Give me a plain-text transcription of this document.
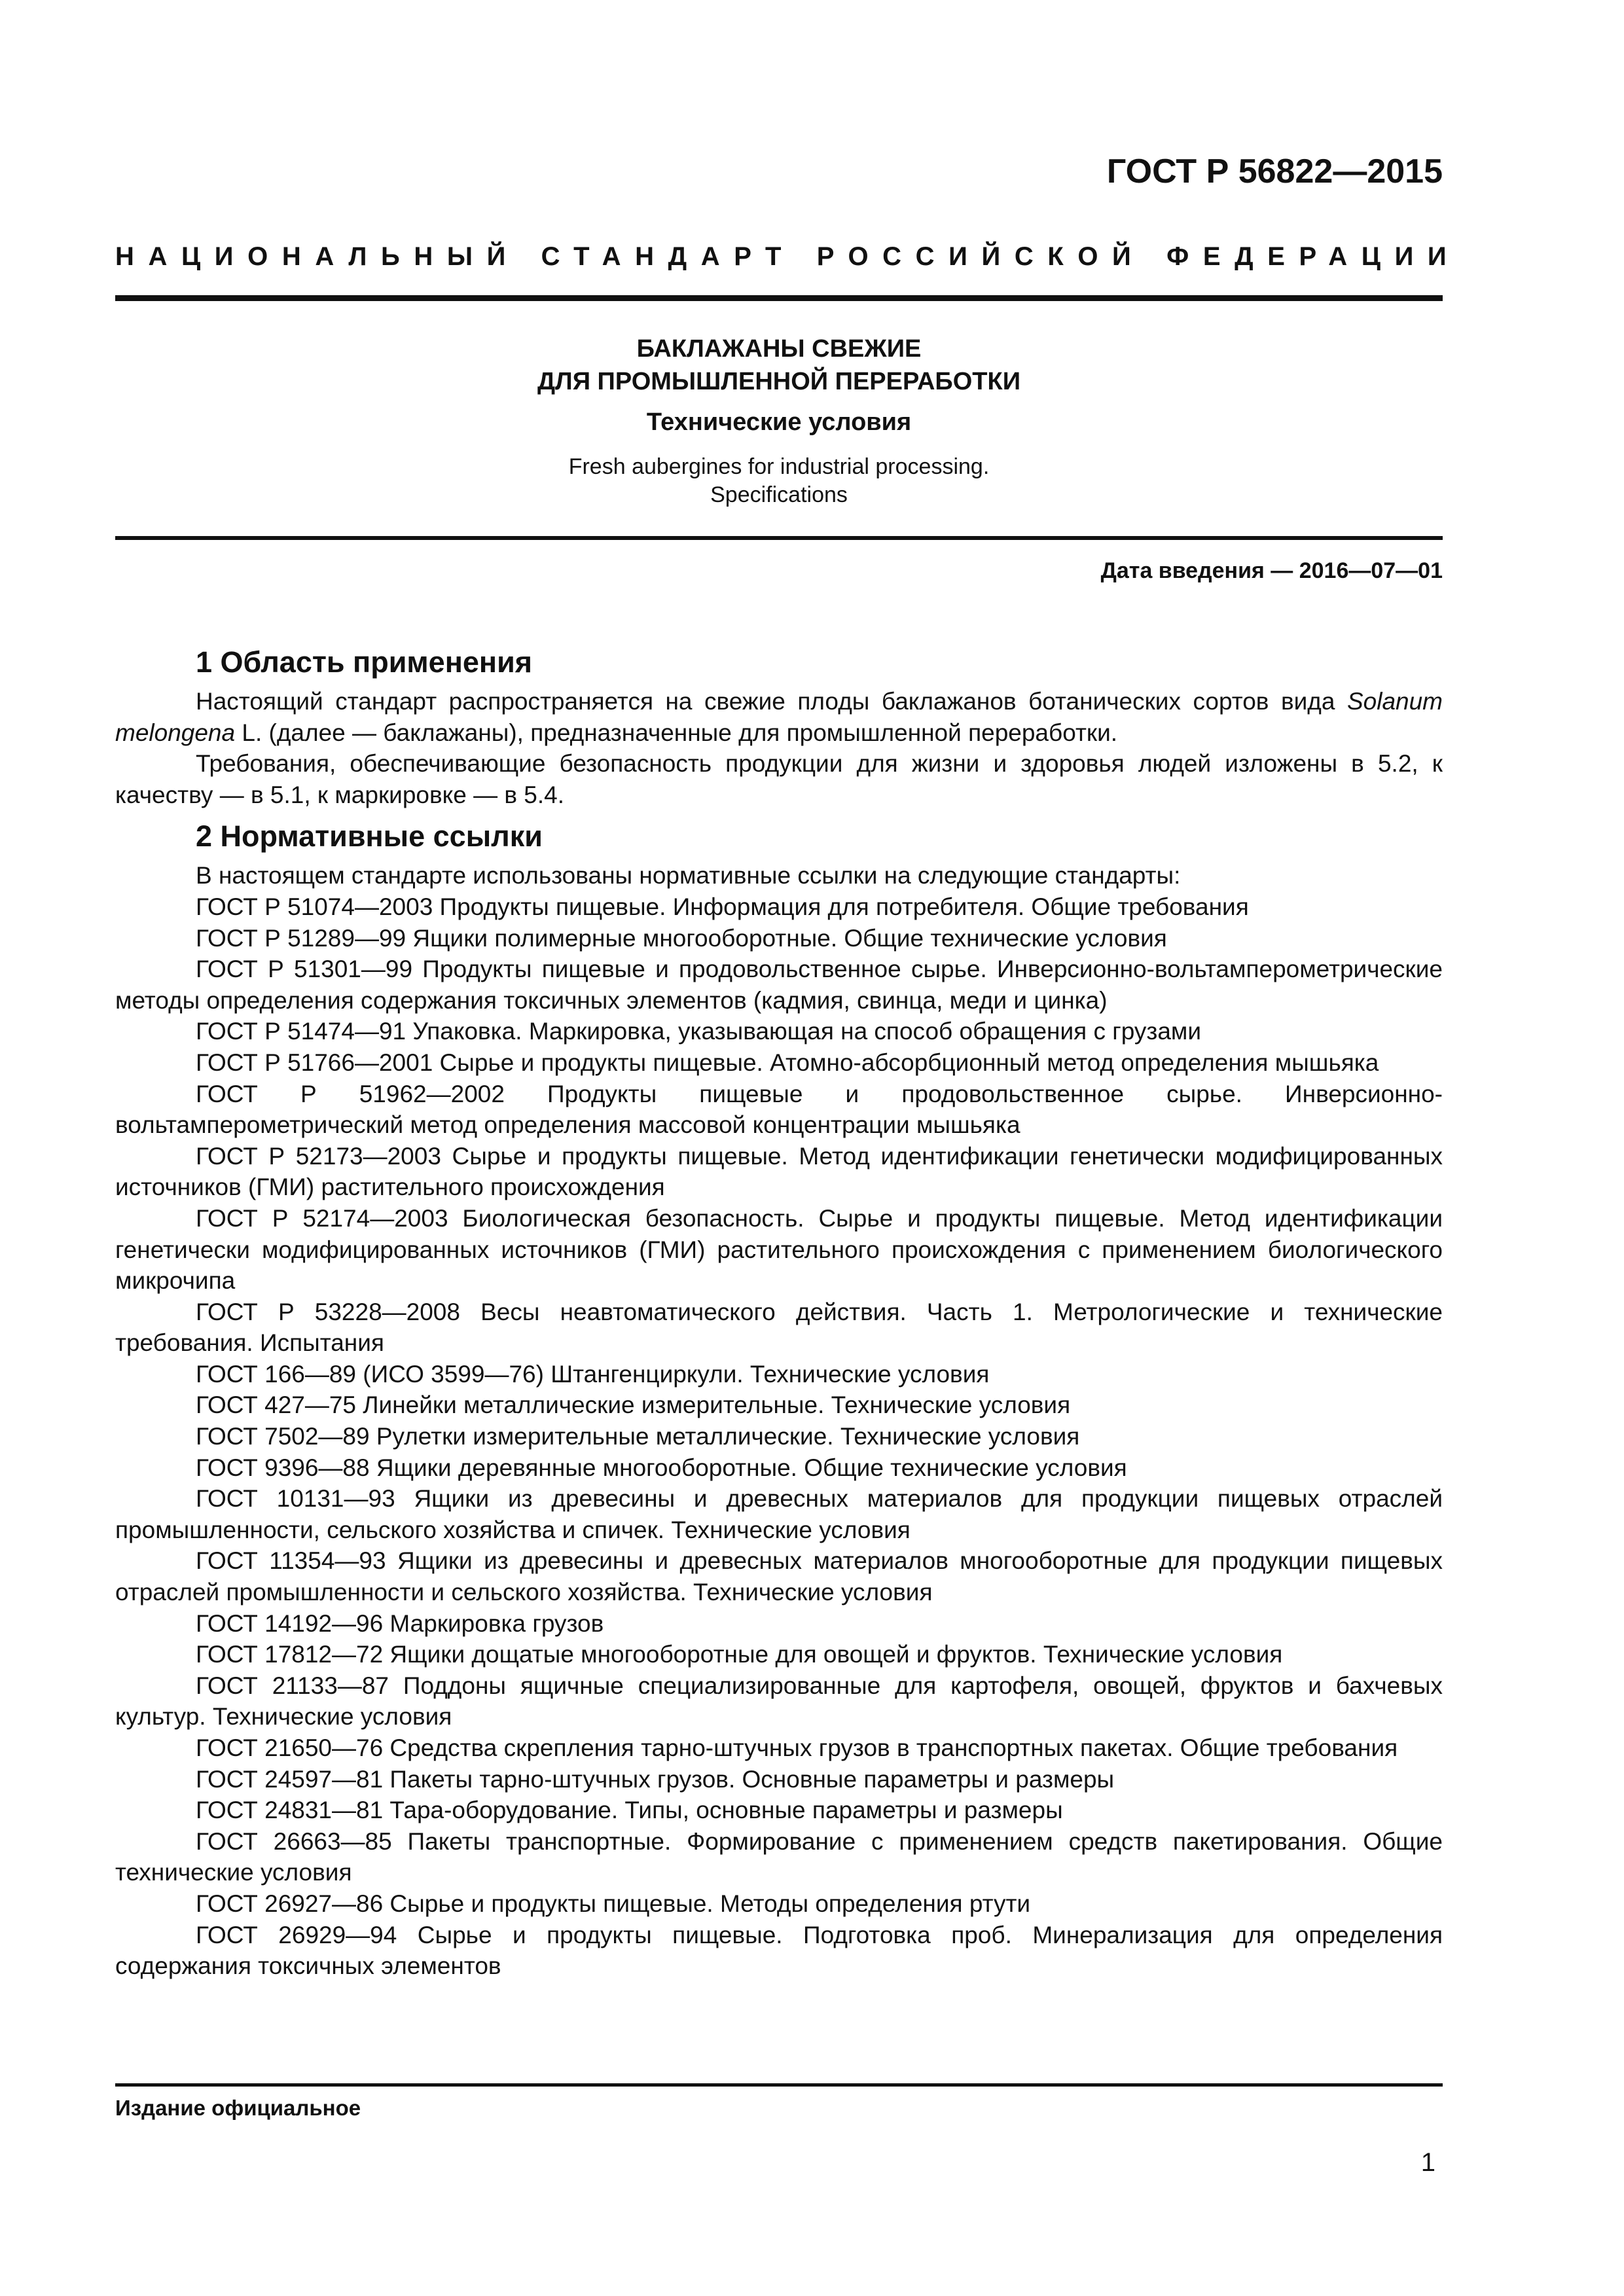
ГОСТ Р 56822—2015
НАЦИОНАЛЬНЫЙ СТАНДАРТ РОССИЙСКОЙ ФЕДЕРАЦИИ
БАКЛАЖАНЫ СВЕЖИЕ
ДЛЯ ПРОМЫШЛЕННОЙ ПЕРЕРАБОТКИ
Технические условия
Fresh aubergines for industrial processing.
Specifications
Дата введения — 2016—07—01
1 Область применения

Настоящий стандарт распространяется на свежие плоды баклажанов ботанических сортов вида Solanum melongena L. (далее — баклажаны), предназначенные для промышленной переработки.

Требования, обеспечивающие безопасность продукции для жизни и здоровья людей изложены в 5.2, к качеству — в 5.1, к маркировке — в 5.4.

2 Нормативные ссылки

В настоящем стандарте использованы нормативные ссылки на следующие стандарты:

ГОСТ Р 51074—2003 Продукты пищевые. Информация для потребителя. Общие требования

ГОСТ Р 51289—99 Ящики полимерные многооборотные. Общие технические условия

ГОСТ Р 51301—99 Продукты пищевые и продовольственное сырье. Инверсионно-вольтамперометрические методы определения содержания токсичных элементов (кадмия, свинца, меди и цинка)

ГОСТ Р 51474—91 Упаковка. Маркировка, указывающая на способ обращения с грузами

ГОСТ Р 51766—2001 Сырье и продукты пищевые. Атомно-абсорбционный метод определения мышьяка

ГОСТ Р 51962—2002 Продукты пищевые и продовольственное сырье. Инверсионно-вольтамперометрический метод определения массовой концентрации мышьяка

ГОСТ Р 52173—2003 Сырье и продукты пищевые. Метод идентификации генетически модифицированных источников (ГМИ) растительного происхождения

ГОСТ Р 52174—2003 Биологическая безопасность. Сырье и продукты пищевые. Метод идентификации генетически модифицированных источников (ГМИ) растительного происхождения с применением биологического микрочипа

ГОСТ Р 53228—2008 Весы неавтоматического действия. Часть 1. Метрологические и технические требования. Испытания

ГОСТ 166—89 (ИСО 3599—76) Штангенциркули. Технические условия

ГОСТ 427—75 Линейки металлические измерительные. Технические условия

ГОСТ 7502—89 Рулетки измерительные металлические. Технические условия

ГОСТ 9396—88 Ящики деревянные многооборотные. Общие технические условия

ГОСТ 10131—93 Ящики из древесины и древесных материалов для продукции пищевых отраслей промышленности, сельского хозяйства и спичек. Технические условия

ГОСТ 11354—93 Ящики из древесины и древесных материалов многооборотные для продукции пищевых отраслей промышленности и сельского хозяйства. Технические условия

ГОСТ 14192—96 Маркировка грузов

ГОСТ 17812—72 Ящики дощатые многооборотные для овощей и фруктов. Технические условия

ГОСТ 21133—87 Поддоны ящичные специализированные для картофеля, овощей, фруктов и бахчевых культур. Технические условия

ГОСТ 21650—76 Средства скрепления тарно-штучных грузов в транспортных пакетах. Общие требования

ГОСТ 24597—81 Пакеты тарно-штучных грузов. Основные параметры и размеры

ГОСТ 24831—81 Тара-оборудование. Типы, основные параметры и размеры

ГОСТ 26663—85 Пакеты транспортные. Формирование с применением средств пакетирования. Общие технические условия

ГОСТ 26927—86 Сырье и продукты пищевые. Методы определения ртути

ГОСТ 26929—94 Сырье и продукты пищевые. Подготовка проб. Минерализация для определения содержания токсичных элементов

Издание официальное
1
